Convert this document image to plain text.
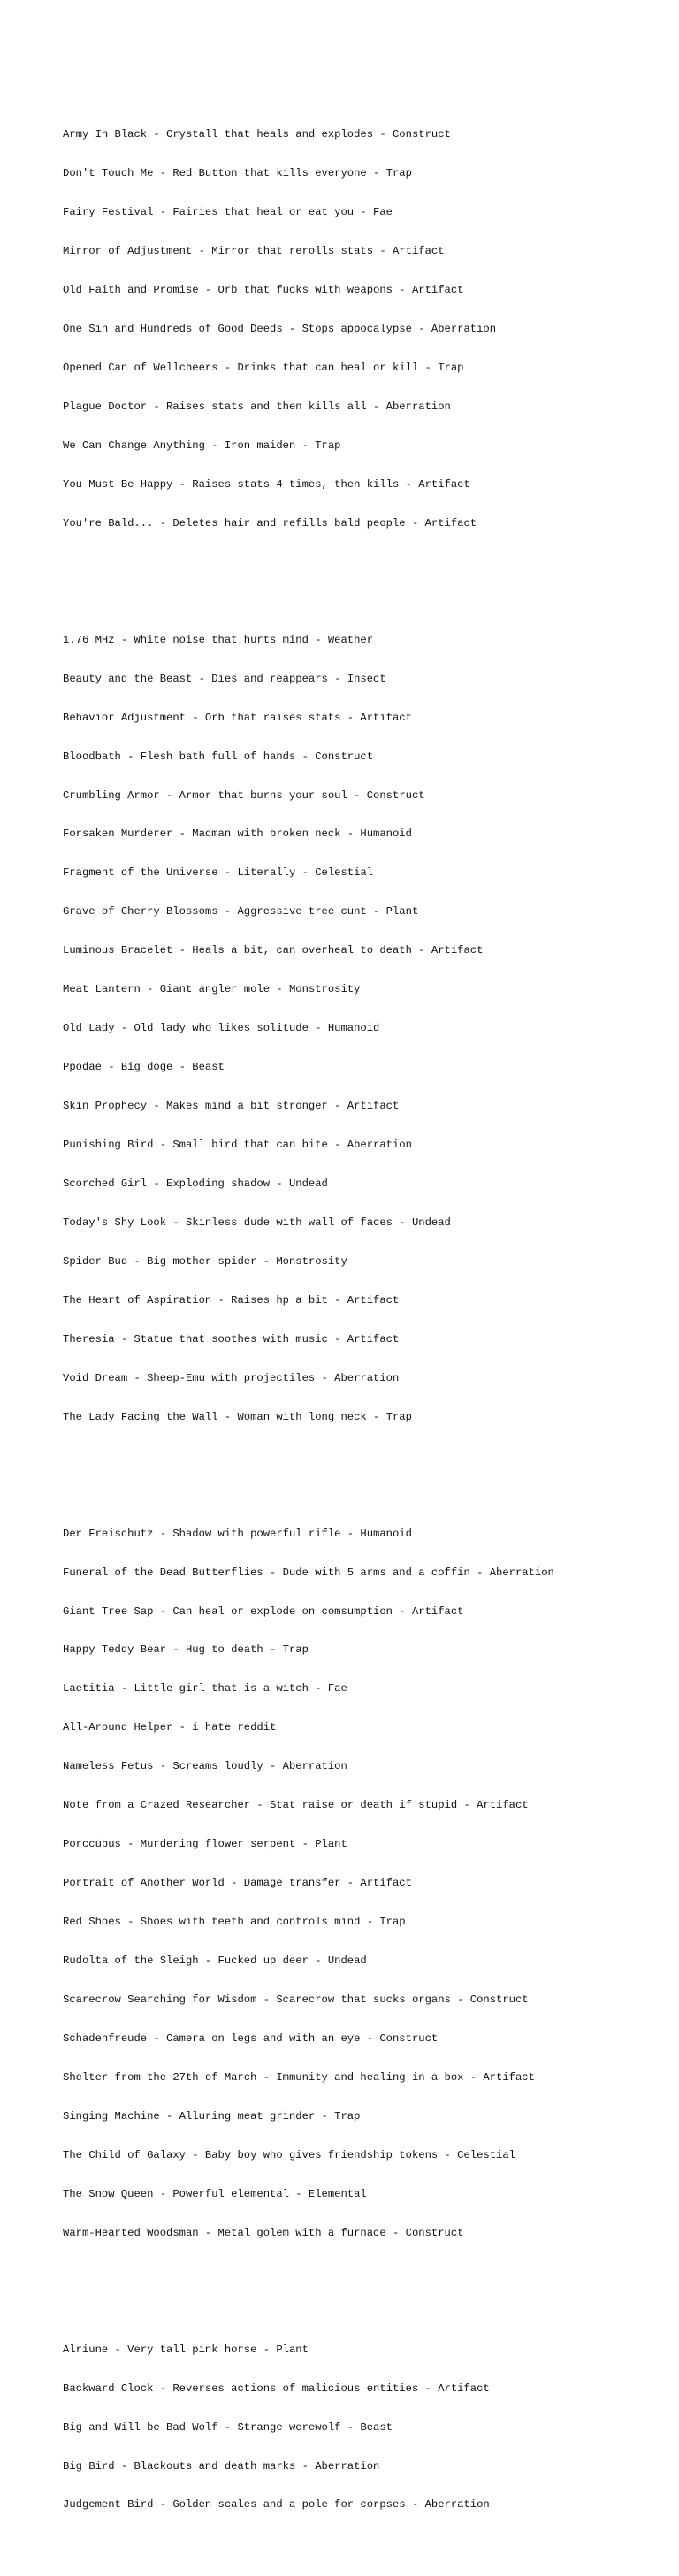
Army In Black - Crystall that heals and explodes - Construct

Don't Touch Me - Red Button that kills everyone - Trap

Fairy Festival - Fairies that heal or eat you - Fae

Mirror of Adjustment - Mirror that rerolls stats - Artifact

Old Faith and Promise - Orb that fucks with weapons - Artifact

One Sin and Hundreds of Good Deeds - Stops appocalypse - Aberration

Opened Can of Wellcheers - Drinks that can heal or kill - Trap

Plague Doctor - Raises stats and then kills all - Aberration

We Can Change Anything - Iron maiden - Trap

You Must Be Happy - Raises stats 4 times, then kills - Artifact

You're Bald... - Deletes hair and refills bald people - Artifact

1.76 MHz - White noise that hurts mind - Weather

Beauty and the Beast - Dies and reappears - Insect

Behavior Adjustment - Orb that raises stats - Artifact

Bloodbath - Flesh bath full of hands - Construct

Crumbling Armor - Armor that burns your soul - Construct

Forsaken Murderer - Madman with broken neck - Humanoid

Fragment of the Universe - Literally - Celestial

Grave of Cherry Blossoms - Aggressive tree cunt - Plant

Luminous Bracelet - Heals a bit, can overheal to death - Artifact

Meat Lantern - Giant angler mole - Monstrosity

Old Lady - Old lady who likes solitude - Humanoid

Ppodae - Big doge - Beast

Skin Prophecy - Makes mind a bit stronger - Artifact

Punishing Bird - Small bird that can bite - Aberration

Scorched Girl - Exploding shadow - Undead

Today's Shy Look - Skinless dude with wall of faces - Undead

Spider Bud - Big mother spider - Monstrosity

The Heart of Aspiration - Raises hp a bit - Artifact

Theresia - Statue that soothes with music - Artifact

Void Dream - Sheep-Emu with projectiles - Aberration

The Lady Facing the Wall - Woman with long neck - Trap

Der Freischutz - Shadow with powerful rifle - Humanoid

Funeral of the Dead Butterflies - Dude with 5 arms and a coffin - Aberration

Giant Tree Sap - Can heal or explode on comsumption - Artifact

Happy Teddy Bear - Hug to death - Trap

Laetitia - Little girl that is a witch - Fae

All-Around Helper - i hate reddit

Nameless Fetus - Screams loudly - Aberration

Note from a Crazed Researcher - Stat raise or death if stupid - Artifact

Porccubus - Murdering flower serpent - Plant

Portrait of Another World - Damage transfer - Artifact

Red Shoes - Shoes with teeth and controls mind - Trap

Rudolta of the Sleigh - Fucked up deer - Undead

Scarecrow Searching for Wisdom - Scarecrow that sucks organs - Construct

Schadenfreude - Camera on legs and with an eye - Construct

Shelter from the 27th of March - Immunity and healing in a box - Artifact

Singing Machine - Alluring meat grinder - Trap

The Child of Galaxy - Baby boy who gives friendship tokens - Celestial

The Snow Queen - Powerful elemental - Elemental

Warm-Hearted Woodsman - Metal golem with a furnace - Construct

Alriune - Very tall pink horse - Plant

Backward Clock - Reverses actions of malicious entities - Artifact

Big and Will be Bad Wolf - Strange werewolf - Beast

Big Bird - Blackouts and death marks - Aberration

Judgement Bird - Golden scales and a pole for corpses - Aberration
